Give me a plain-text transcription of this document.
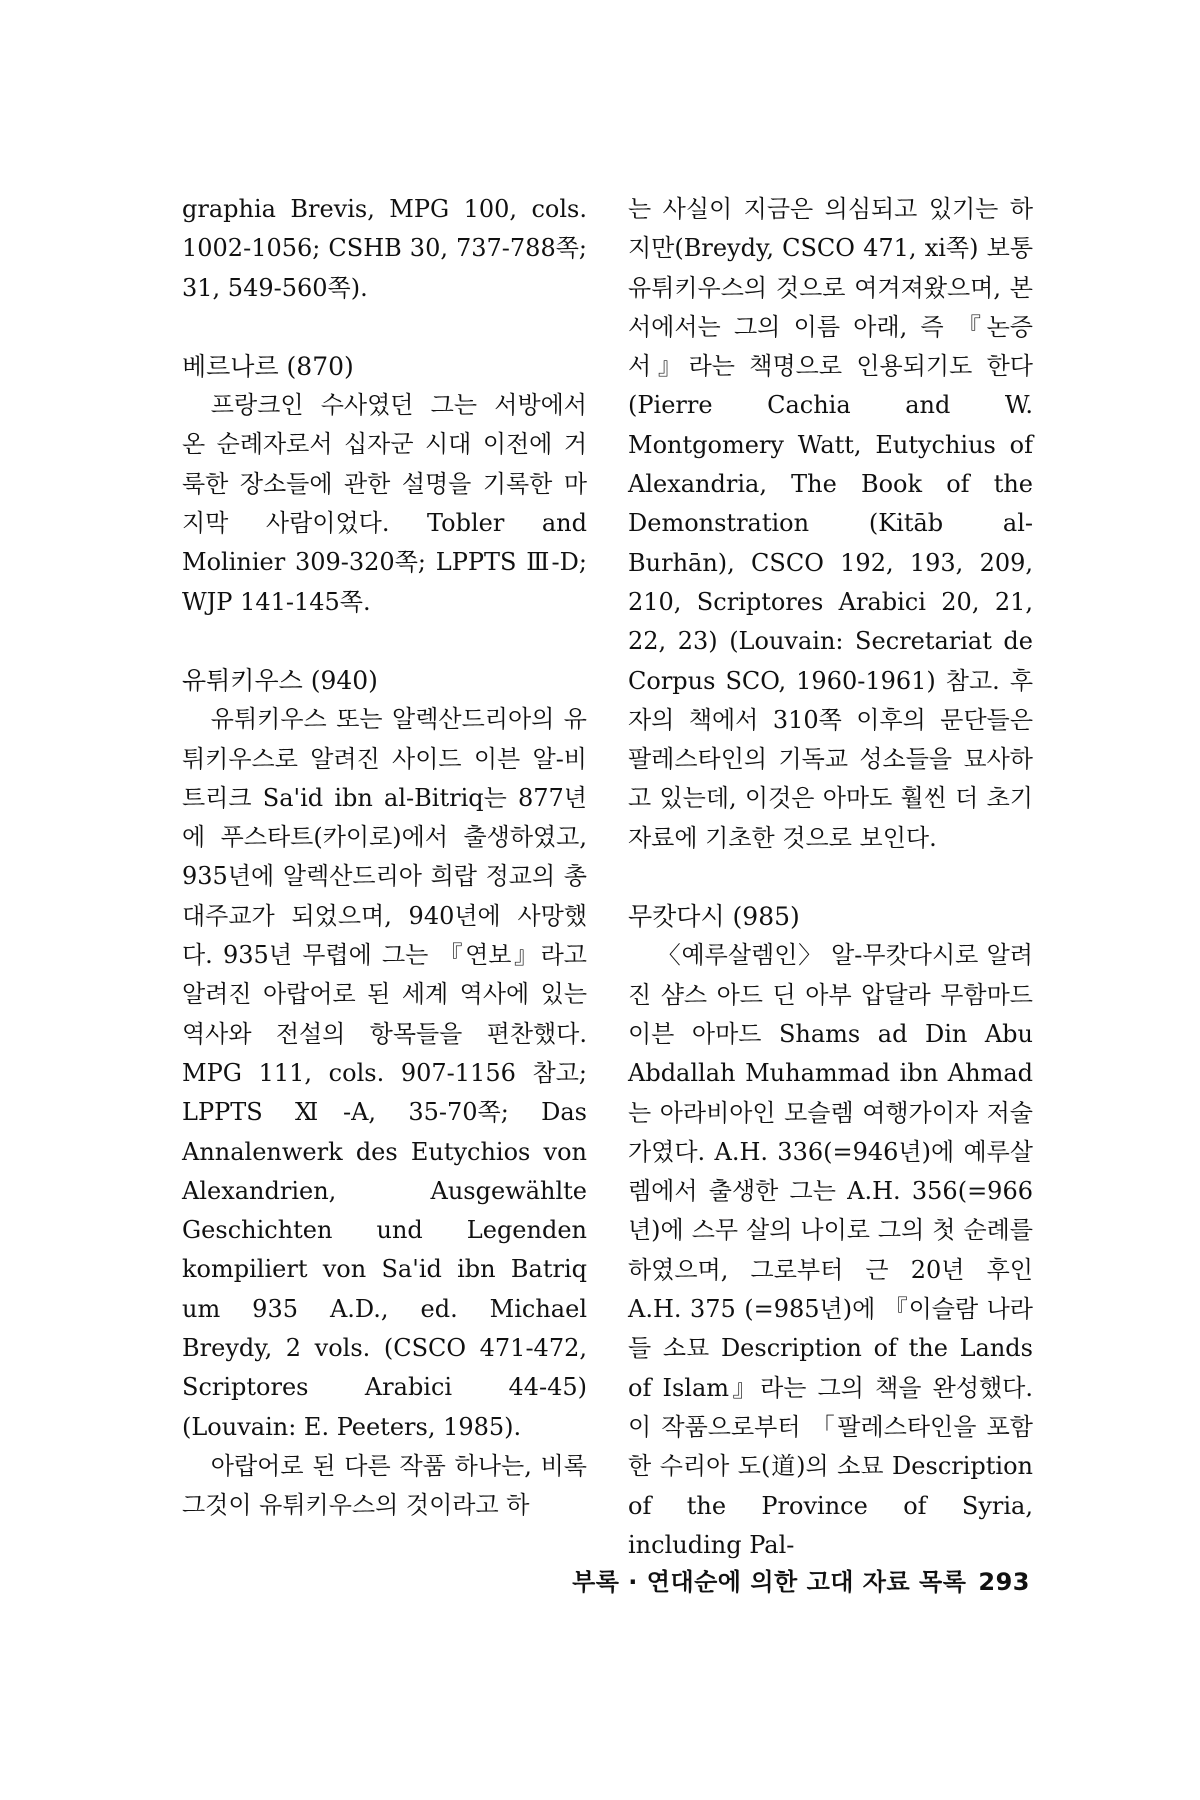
graphia Brevis, MPG 100, cols. 1002-1056; CSHB 30, 737-788쪽; 31, 549-560쪽).

베르나르 (870)

프랑크인 수사였던 그는 서방에서 온 순례자로서 십자군 시대 이전에 거룩한 장소들에 관한 설명을 기록한 마지막 사람이었다. Tobler and Molinier 309-320쪽; LPPTS Ⅲ-D; WJP 141-145쪽.

유튀키우스 (940)

유튀키우스 또는 알렉산드리아의 유튀키우스로 알려진 사이드 이븐 알-비트리크 Sa'id ibn al-Bitriq는 877년에 푸스타트(카이로)에서 출생하였고, 935년에 알렉산드리아 희랍 정교의 총대주교가 되었으며, 940년에 사망했다. 935년 무렵에 그는 『연보』라고 알려진 아랍어로 된 세계 역사에 있는 역사와 전설의 항목들을 편찬했다. MPG 111, cols. 907-1156 참고; LPPTS Ⅺ-A, 35-70쪽; Das Annalenwerk des Eutychios von Alexandrien, Ausgewählte Geschichten und Legenden kompiliert von Sa'id ibn Batriq um 935 A.D., ed. Michael Breydy, 2 vols. (CSCO 471-472, Scriptores Arabici 44-45) (Louvain: E. Peeters, 1985).

아랍어로 된 다른 작품 하나는, 비록 그것이 유튀키우스의 것이라고 하

는 사실이 지금은 의심되고 있기는 하지만(Breydy, CSCO 471, xi쪽) 보통 유튀키우스의 것으로 여겨져왔으며, 본서에서는 그의 이름 아래, 즉 『논증서』라는 책명으로 인용되기도 한다(Pierre Cachia and W. Montgomery Watt, Eutychius of Alexandria, The Book of the Demonstration (Kitāb al-Burhān), CSCO 192, 193, 209, 210, Scriptores Arabici 20, 21, 22, 23) (Louvain: Secretariat de Corpus SCO, 1960-1961) 참고. 후자의 책에서 310쪽 이후의 문단들은 팔레스타인의 기독교 성소들을 묘사하고 있는데, 이것은 아마도 훨씬 더 초기 자료에 기초한 것으로 보인다.

무캇다시 (985)

〈예루살렘인〉 알-무캇다시로 알려진 샴스 아드 딘 아부 압달라 무함마드 이븐 아마드 Shams ad Din Abu Abdallah Muhammad ibn Ahmad는 아라비아인 모슬렘 여행가이자 저술가였다. A.H. 336(=946년)에 예루살렘에서 출생한 그는 A.H. 356(=966년)에 스무 살의 나이로 그의 첫 순례를 하였으며, 그로부터 근 20년 후인 A.H. 375 (=985년)에 『이슬람 나라들 소묘 Description of the Lands of Islam』라는 그의 책을 완성했다. 이 작품으로부터 「팔레스타인을 포함한 수리아 도(道)의 소묘 Description of the Province of Syria, including Pal-

부록 · 연대순에 의한 고대 자료 목록 293
